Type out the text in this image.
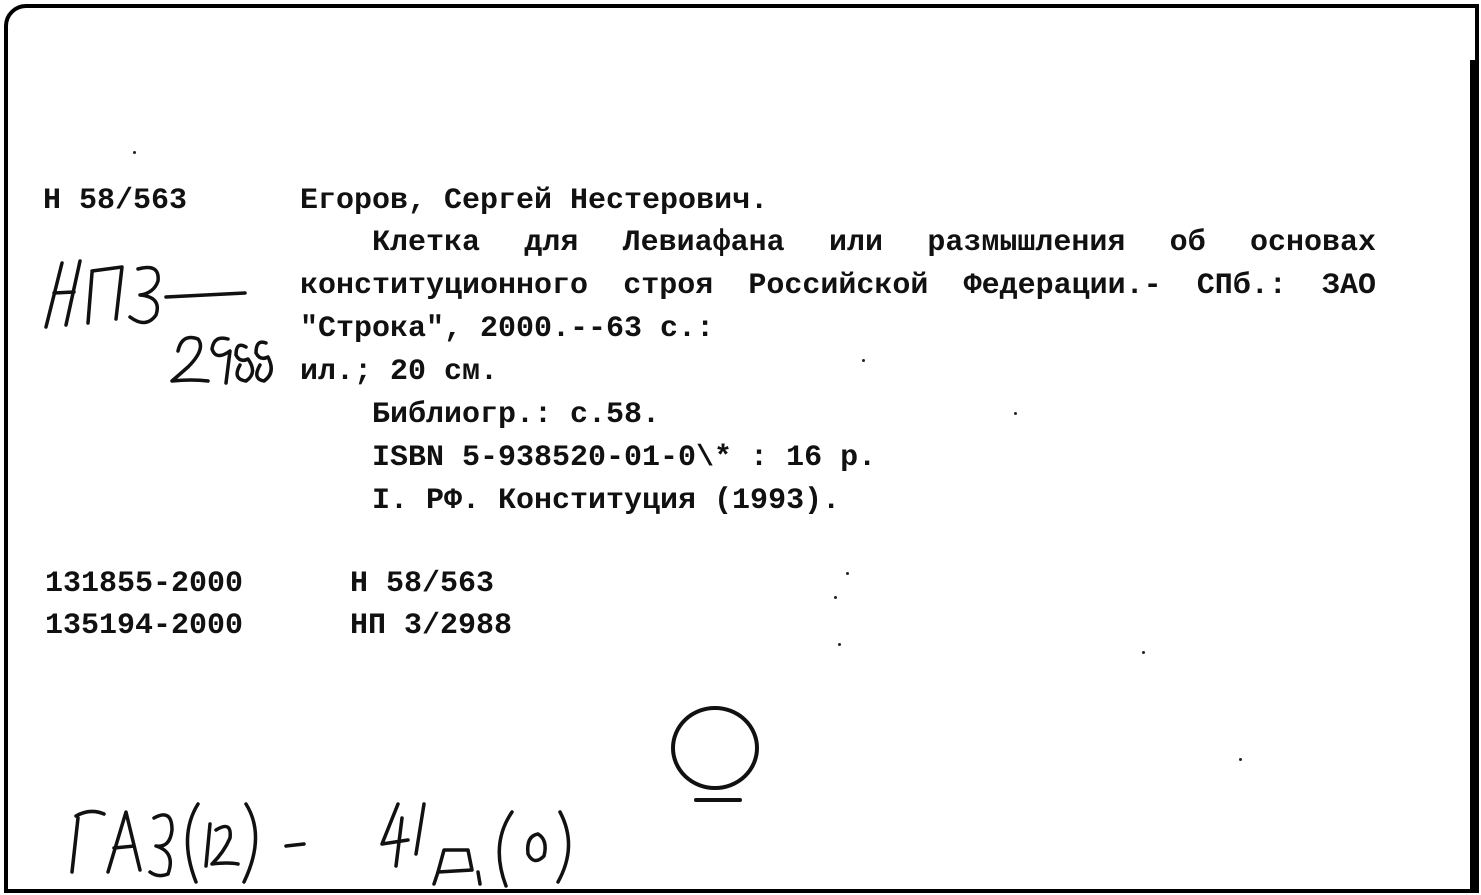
Н 58/563	Егоров, Сергей Нестерович.
Клетка для Левиафана или размышления об основах конституционного строя Российской Федерации.- СПб.: ЗАО "Строка", 2000.--63 с.:
ил.; 20 см.
Библиогр.: с.58.
ISBN 5-938520-01-0\* : 16 р.
I. РФ. Конституция (1993).
131855-2000	Н 58/563
135194-2000	НП 3/2988
НП3—2988
ГА9(12)-41д(0)
